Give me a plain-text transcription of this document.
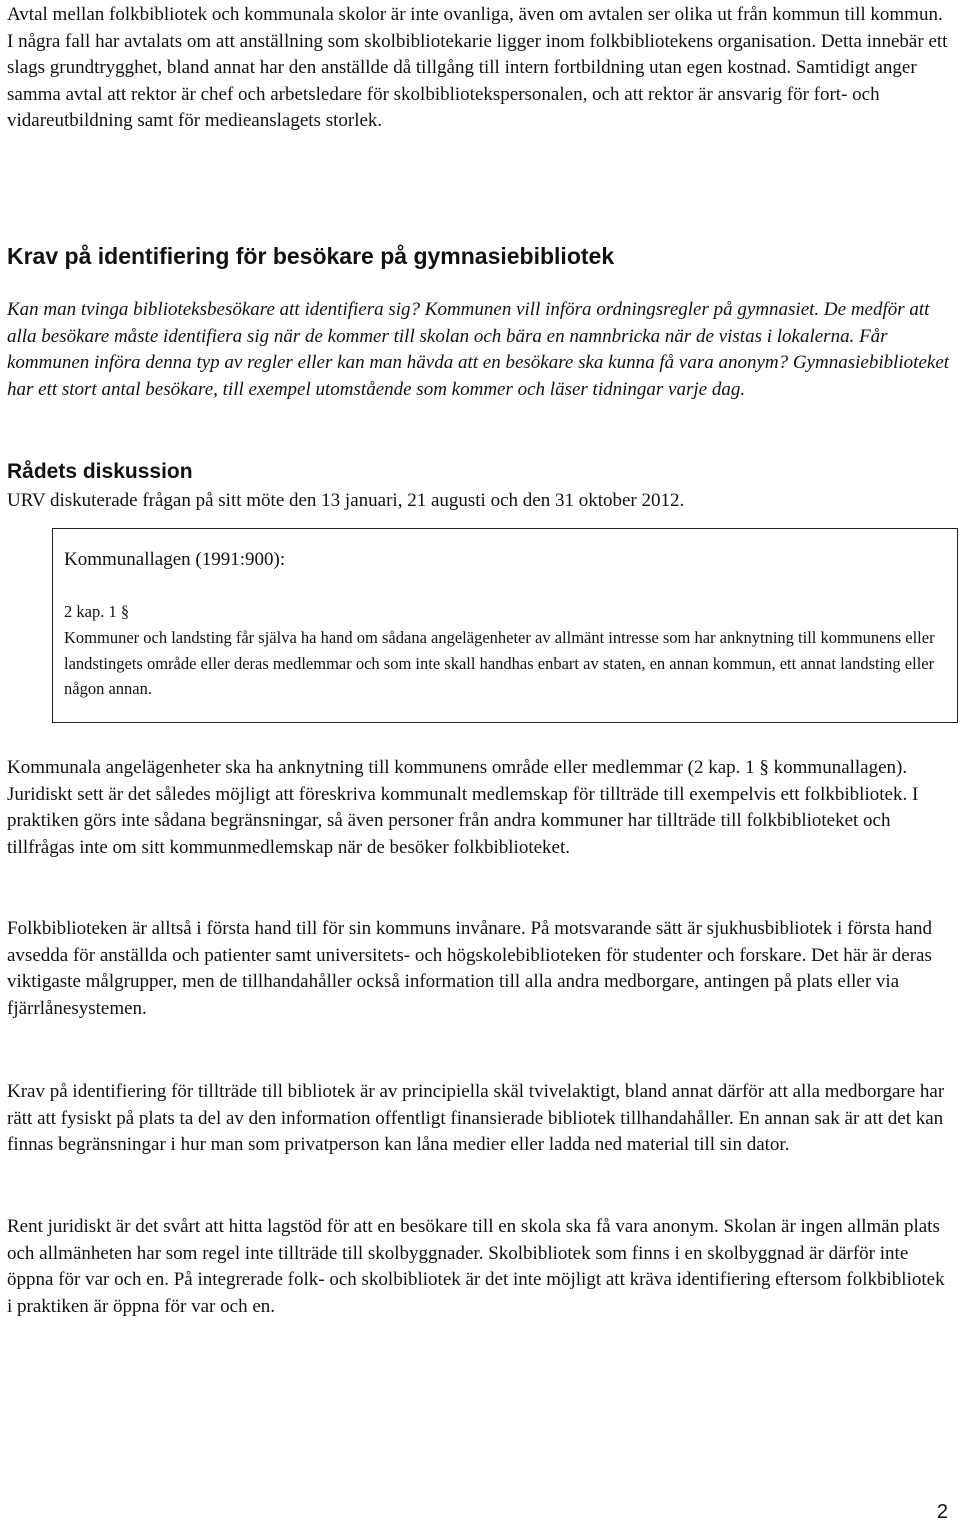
Avtal mellan folkbibliotek och kommunala skolor är inte ovanliga, även om avtalen ser olika ut från kommun till kommun. I några fall har avtalats om att anställning som skolbibliotekarie ligger inom folkbibliotekens organisation. Detta innebär ett slags grundtrygghet, bland annat har den anställde då tillgång till intern fortbildning utan egen kostnad. Samtidigt anger samma avtal att rektor är chef och arbetsledare för skolbibliotekspersonalen, och att rektor är ansvarig för fort- och vidareutbildning samt för medieanslagets storlek.

Krav på identifiering för besökare på gymnasiebibliotek

Kan man tvinga biblioteksbesökare att identifiera sig? Kommunen vill införa ordningsregler på gymnasiet. De medför att alla besökare måste identifiera sig när de kommer till skolan och bära en namnbricka när de vistas i lokalerna. Får kommunen införa denna typ av regler eller kan man hävda att en besökare ska kunna få vara anonym? Gymnasiebiblioteket har ett stort antal besökare, till exempel utomstående som kommer och läser tidningar varje dag.

Rådets diskussion

URV diskuterade frågan på sitt möte den 13 januari, 21 augusti och den 31 oktober 2012.

Kommunallagen (1991:900):
2 kap. 1 §
Kommuner och landsting får själva ha hand om sådana angelägenheter av allmänt intresse som har anknytning till kommunens eller landstingets område eller deras medlemmar och som inte skall handhas enbart av staten, en annan kommun, ett annat landsting eller någon annan.

Kommunala angelägenheter ska ha anknytning till kommunens område eller medlemmar (2 kap. 1 § kommunallagen). Juridiskt sett är det således möjligt att föreskriva kommunalt medlemskap för tillträde till exempelvis ett folkbibliotek. I praktiken görs inte sådana begränsningar, så även personer från andra kommuner har tillträde till folkbiblioteket och tillfrågas inte om sitt kommunmedlemskap när de besöker folkbiblioteket.

Folkbiblioteken är alltså i första hand till för sin kommuns invånare. På motsvarande sätt är sjukhusbibliotek i första hand avsedda för anställda och patienter samt universitets- och högskolebiblioteken för studenter och forskare. Det här är deras viktigaste målgrupper, men de tillhandahåller också information till alla andra medborgare, antingen på plats eller via fjärrlånesystemen.

Krav på identifiering för tillträde till bibliotek är av principiella skäl tvivelaktigt, bland annat därför att alla medborgare har rätt att fysiskt på plats ta del av den information offentligt finansierade bibliotek tillhandahåller. En annan sak är att det kan finnas begränsningar i hur man som privatperson kan låna medier eller ladda ned material till sin dator.

Rent juridiskt är det svårt att hitta lagstöd för att en besökare till en skola ska få vara anonym. Skolan är ingen allmän plats och allmänheten har som regel inte tillträde till skolbyggnader. Skolbibliotek som finns i en skolbyggnad är därför inte öppna för var och en. På integrerade folk- och skolbibliotek är det inte möjligt att kräva identifiering eftersom folkbibliotek i praktiken är öppna för var och en.

2
